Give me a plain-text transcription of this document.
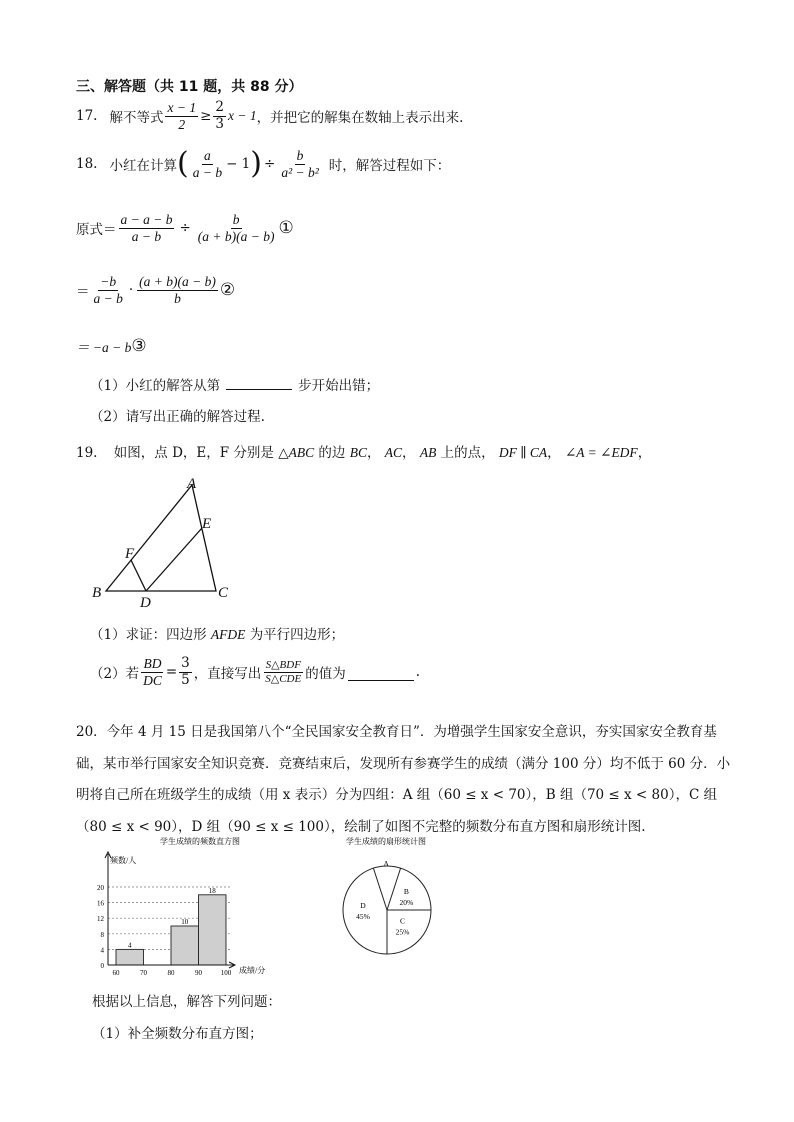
三、解答题（共 11 题，共 88 分）
17. 解不等式 $\frac{x - 1}{2} \ge \frac{2}{3}$ x − 1 ，并把它的解集在数轴上表示出来.
18. 小红在计算 ( $\frac{a}{a - b} - 1$ ) ÷ $\frac{b}{\text{a² − b²}}$ 时，解答过程如下：
原式＝ $\frac{a - a - b}{a - b} \div \frac{b}{(a + b)(a - b)}$ ①
＝ $\frac{-b}{a - b} \cdot \frac{(a + b)(a - b)}{b}$ ②
＝ −a − b ③
（1）小红的解答从第	步开始出错；
（2）请写出正确的解答过程.
19. 如图，点 D，E，F 分别是 △ABC 的边 BC， AC， AB 上的点， DF ∥ CA， ∠A = ∠EDF，
A
B	C
D
E
F
（1）求证：四边形 AFDE 为平行四边形；
（2）若 $\frac{BD}{DC} = \frac{3}{5}$ ，直接写出 $\frac{\text{S△BDF}}{\text{S△CDE}}$ 的值为	.
20．今年 4 月 15 日是我国第八个“全民国家安全教育日”．为增强学生国家安全意识，夯实国家安全教育基
础，某市举行国家安全知识竞赛．竞赛结束后，发现所有参赛学生的成绩（满分 100 分）均不低于 60 分．小
明将自己所在班级学生的成绩（用 x 表示）分为四组：A 组（60 ≤ x < 70），B 组（70 ≤ x < 80），C 组
（80 ≤ x < 90），D 组（90 ≤ x ≤ 100），绘制了如图不完整的频数分布直方图和扇形统计图.
学生成绩的频数直方图
4
10
18
0
4
8
12
16
20
60	70	80	90	100
频数/人
成绩/分
学生成绩的扇形统计图
A
B
20%
C
25%
D
45%
根据以上信息，解答下列问题：
（1）补全频数分布直方图；
